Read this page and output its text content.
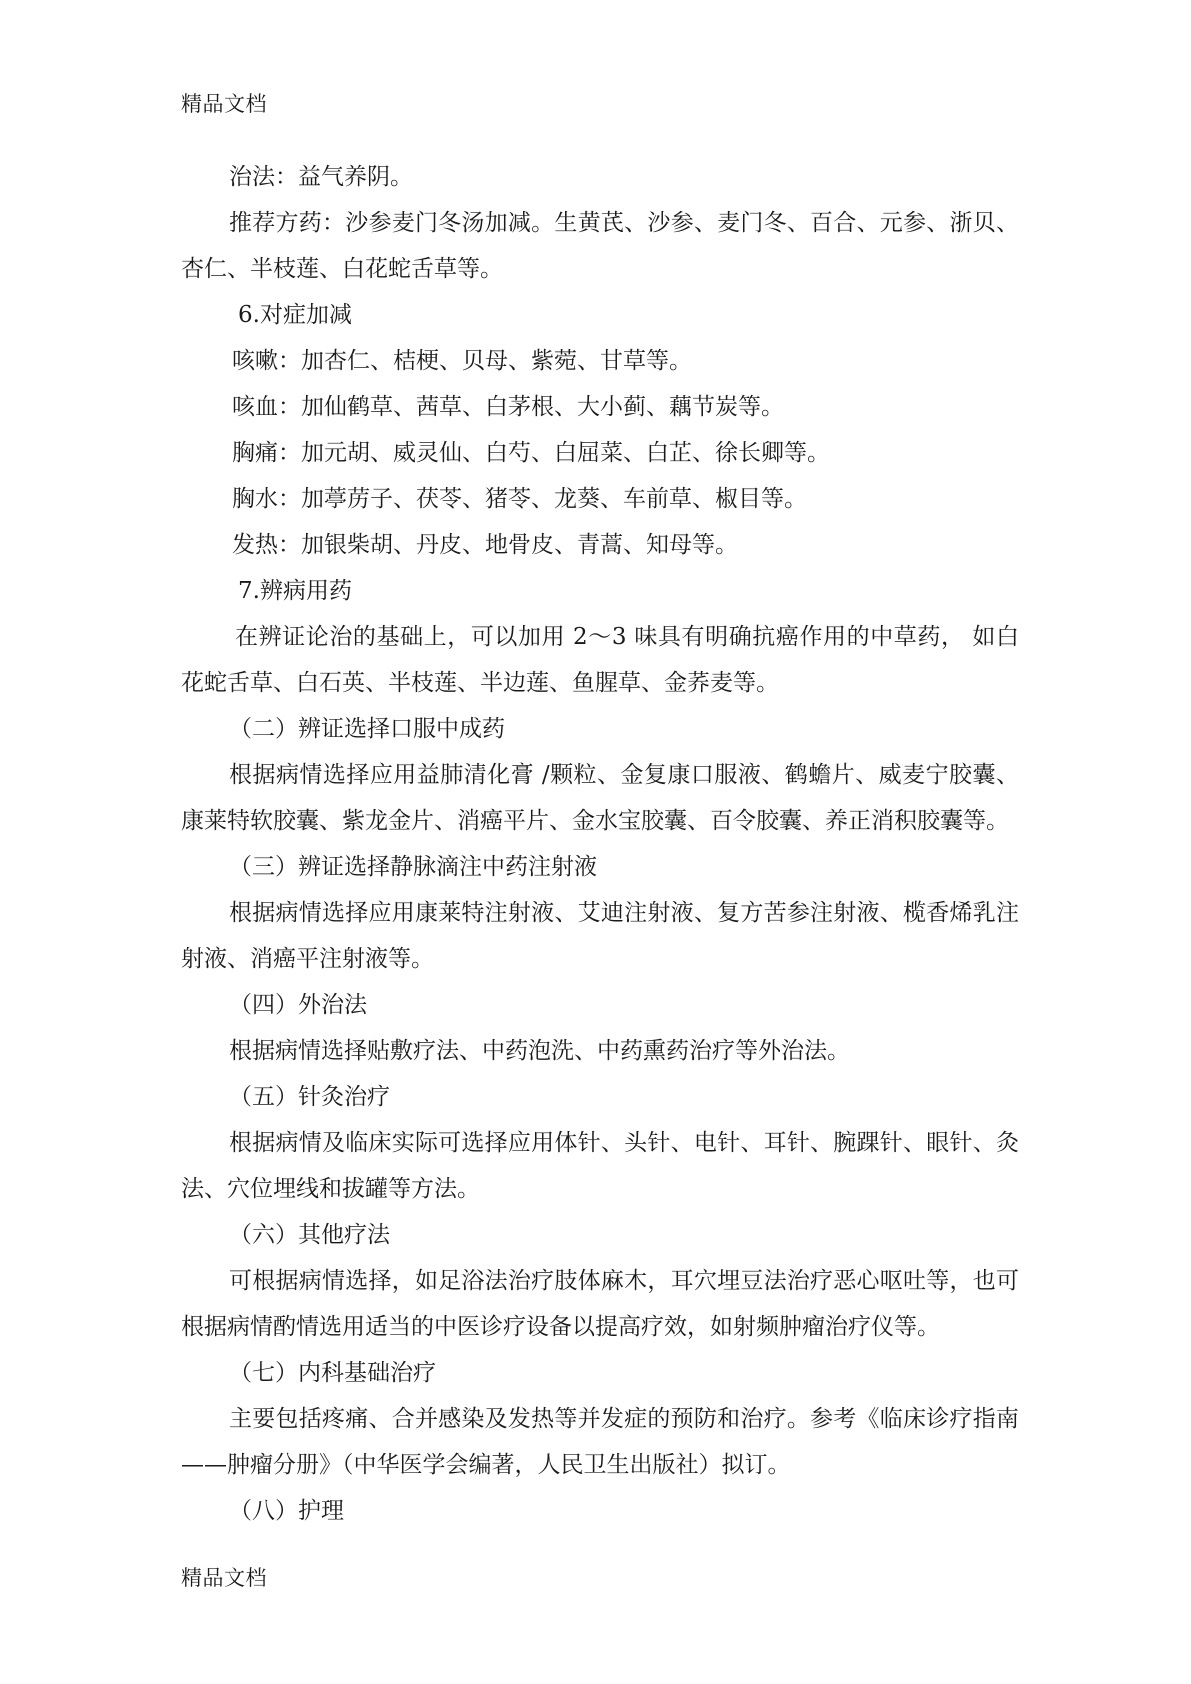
精品文档

治法：益气养阴。

推荐方药：沙参麦门冬汤加减。生黄芪、沙参、麦门冬、百合、元参、浙贝、杏仁、半枝莲、白花蛇舌草等。

6.对症加减

咳嗽：加杏仁、桔梗、贝母、紫菀、甘草等。

咳血：加仙鹤草、茜草、白茅根、大小蓟、藕节炭等。

胸痛：加元胡、威灵仙、白芍、白屈菜、白芷、徐长卿等。

胸水：加葶苈子、茯苓、猪苓、龙葵、车前草、椒目等。

发热：加银柴胡、丹皮、地骨皮、青蒿、知母等。

7.辨病用药

在辨证论治的基础上，可以加用 2～3 味具有明确抗癌作用的中草药， 如白花蛇舌草、白石英、半枝莲、半边莲、鱼腥草、金荞麦等。

（二）辨证选择口服中成药

根据病情选择应用益肺清化膏 /颗粒、金复康口服液、鹤蟾片、威麦宁胶囊、康莱特软胶囊、紫龙金片、消癌平片、金水宝胶囊、百令胶囊、养正消积胶囊等。

（三）辨证选择静脉滴注中药注射液

根据病情选择应用康莱特注射液、艾迪注射液、复方苦参注射液、榄香烯乳注射液、消癌平注射液等。

（四）外治法

根据病情选择贴敷疗法、中药泡洗、中药熏药治疗等外治法。

（五）针灸治疗

根据病情及临床实际可选择应用体针、头针、电针、耳针、腕踝针、眼针、灸法、穴位埋线和拔罐等方法。

（六）其他疗法

可根据病情选择，如足浴法治疗肢体麻木，耳穴埋豆法治疗恶心呕吐等，也可根据病情酌情选用适当的中医诊疗设备以提高疗效，如射频肿瘤治疗仪等。

（七）内科基础治疗

主要包括疼痛、合并感染及发热等并发症的预防和治疗。参考《临床诊疗指南——肿瘤分册》（中华医学会编著，人民卫生出版社）拟订。

（八）护理

精品文档
